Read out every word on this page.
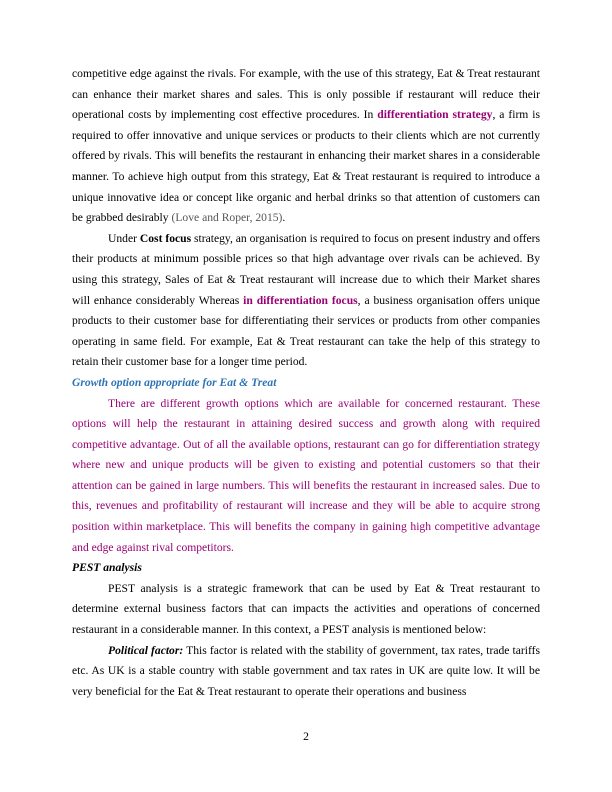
competitive edge against the rivals. For example, with the use of this strategy, Eat & Treat restaurant can enhance their market shares and sales. This is only possible if restaurant will reduce their operational costs by implementing cost effective procedures. In differentiation strategy, a firm is required to offer innovative and unique services or products to their clients which are not currently offered by rivals. This will benefits the restaurant in enhancing their market shares in a considerable manner. To achieve high output from this strategy, Eat & Treat restaurant is required to introduce a unique innovative idea or concept like organic and herbal drinks so that attention of customers can be grabbed desirably (Love and Roper, 2015).

Under Cost focus strategy, an organisation is required to focus on present industry and offers their products at minimum possible prices so that high advantage over rivals can be achieved. By using this strategy, Sales of Eat & Treat restaurant will increase due to which their Market shares will enhance considerably Whereas in differentiation focus, a business organisation offers unique products to their customer base for differentiating their services or products from other companies operating in same field. For example, Eat & Treat restaurant can take the help of this strategy to retain their customer base for a longer time period.

Growth option appropriate for Eat & Treat

There are different growth options which are available for concerned restaurant. These options will help the restaurant in attaining desired success and growth along with required competitive advantage. Out of all the available options, restaurant can go for differentiation strategy where new and unique products will be given to existing and potential customers so that their attention can be gained in large numbers. This will benefits the restaurant in increased sales. Due to this, revenues and profitability of restaurant will increase and they will be able to acquire strong position within marketplace. This will benefits the company in gaining high competitive advantage and edge against rival competitors.

PEST analysis

PEST analysis is a strategic framework that can be used by Eat & Treat restaurant to determine external business factors that can impacts the activities and operations of concerned restaurant in a considerable manner. In this context, a PEST analysis is mentioned below:

Political factor: This factor is related with the stability of government, tax rates, trade tariffs etc. As UK is a stable country with stable government and tax rates in UK are quite low. It will be very beneficial for the Eat & Treat restaurant to operate their operations and business

2
